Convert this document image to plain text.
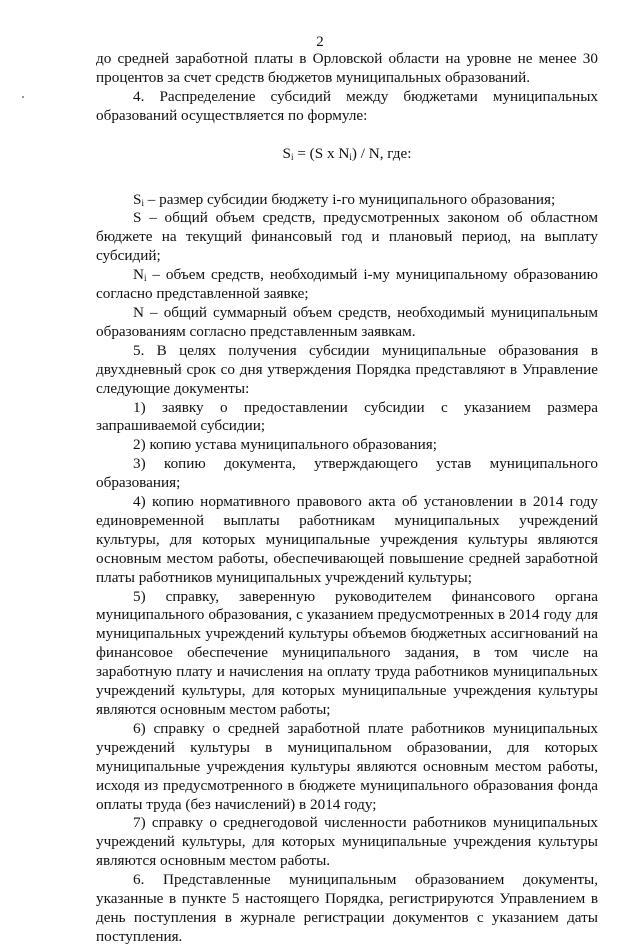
2

до средней заработной платы в Орловской области на уровне не менее 30 процентов за счет средств бюджетов муниципальных образований.

4. Распределение субсидий между бюджетами муниципальных образований осуществляется по формуле:

$S_i = (S$ x $N_i$) / N, где:

$S_i$ – размер субсидии бюджету i-го муниципального образования;

S – общий объем средств, предусмотренных законом об областном бюджете на текущий финансовый год и плановый период, на выплату субсидий;

$N_i$ – объем средств, необходимый i-му муниципальному образованию согласно представленной заявке;

N – общий суммарный объем средств, необходимый муниципальным образованиям согласно представленным заявкам.

5. В целях получения субсидии муниципальные образования в двухдневный срок со дня утверждения Порядка представляют в Управление следующие документы:

1) заявку о предоставлении субсидии с указанием размера запрашиваемой субсидии;

2) копию устава муниципального образования;

3) копию документа, утверждающего устав муниципального образования;

4) копию нормативного правового акта об установлении в 2014 году единовременной выплаты работникам муниципальных учреждений культуры, для которых муниципальные учреждения культуры являются основным местом работы, обеспечивающей повышение средней заработной платы работников муниципальных учреждений культуры;

5) справку, заверенную руководителем финансового органа муниципального образования, с указанием предусмотренных в 2014 году для муниципальных учреждений культуры объемов бюджетных ассигнований на финансовое обеспечение муниципального задания, в том числе на заработную плату и начисления на оплату труда работников муниципальных учреждений культуры, для которых муниципальные учреждения культуры являются основным местом работы;

6) справку о средней заработной плате работников муниципальных учреждений культуры в муниципальном образовании, для которых муниципальные учреждения культуры являются основным местом работы, исходя из предусмотренного в бюджете муниципального образования фонда оплаты труда (без начислений) в 2014 году;

7) справку о среднегодовой численности работников муниципальных учреждений культуры, для которых муниципальные учреждения культуры являются основным местом работы.

6. Представленные муниципальным образованием документы, указанные в пункте 5 настоящего Порядка, регистрируются Управлением в день поступления в журнале регистрации документов с указанием даты поступления.
